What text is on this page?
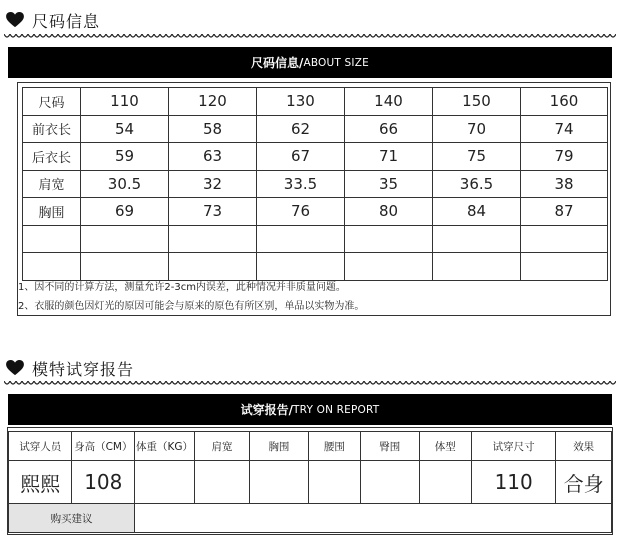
尺码信息
尺码信息/ ABOUT SIZE
尺码	110	120	130	140	150	160
前衣长	54	58	62	66	70	74
后衣长	59	63	67	71	75	79
肩宽	30.5	32	33.5	35	36.5	38
胸围	69	73	76	80	84	87

1、因不同的计算方法，测量允许2-3cm内误差，此种情况并非质量问题。
2、衣服的颜色因灯光的原因可能会与原来的原色有所区别，单品以实物为准。
模特试穿报告
试穿报告/ TRY ON REPORT
试穿人员	身高（CM）	体重（KG）	肩宽	胸围	腰围	臀围	体型	试穿尺寸	效果
熙熙	108							110	合身
购买建议									
